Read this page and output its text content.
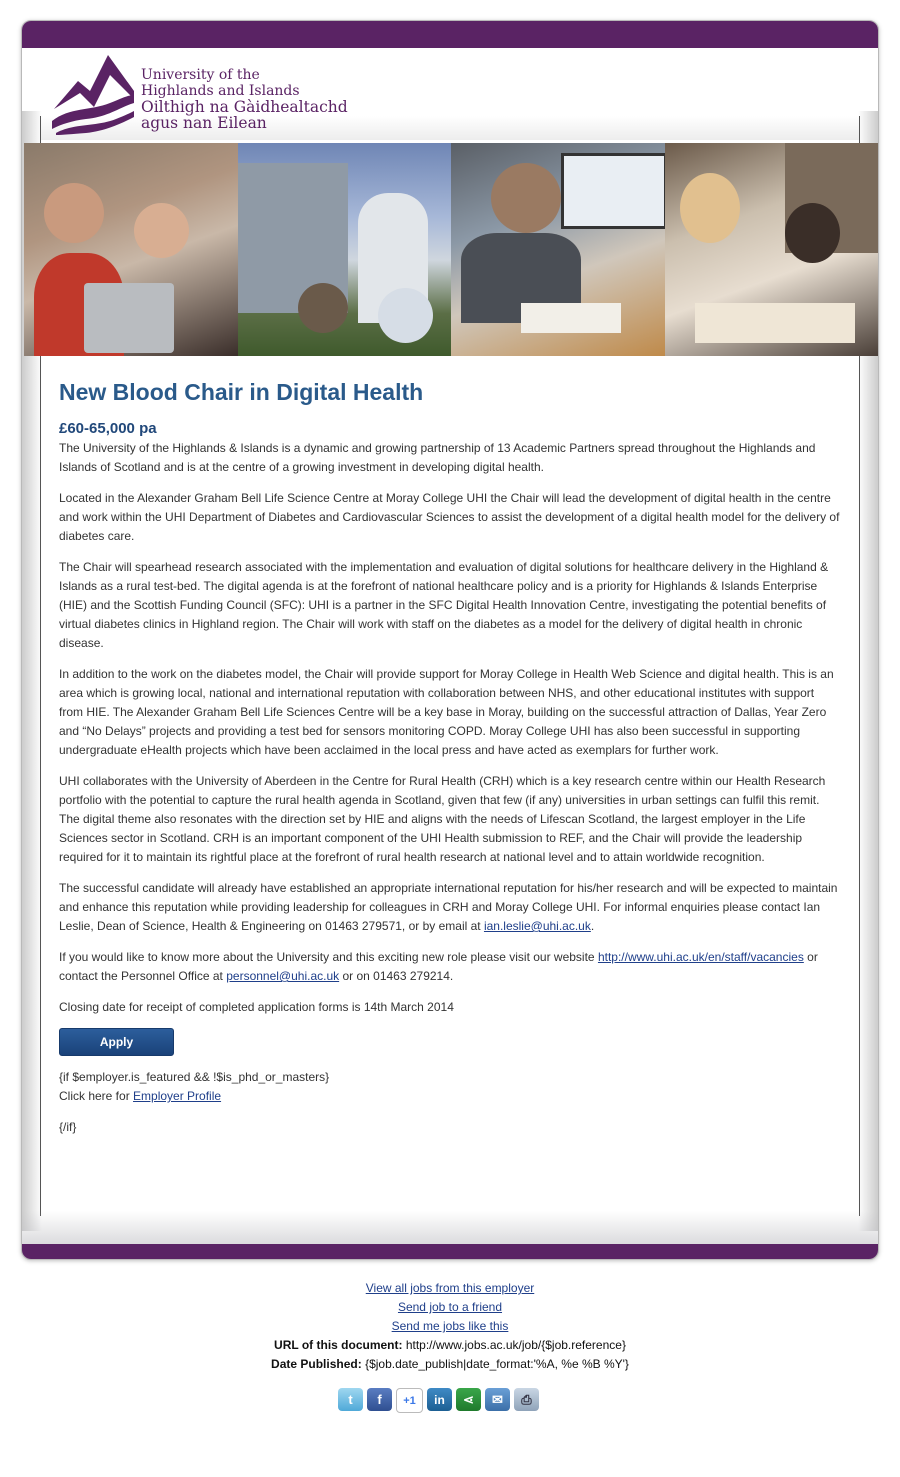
University of the
Highlands and Islands
Oilthigh na Gàidhealtachd
agus nan Eilean
New Blood Chair in Digital Health
£60-65,000 pa

The University of the Highlands & Islands is a dynamic and growing partnership of 13 Academic Partners spread throughout the Highlands and Islands of Scotland and is at the centre of a growing investment in developing digital health.

Located in the Alexander Graham Bell Life Science Centre at Moray College UHI the Chair will lead the development of digital health in the centre and work within the UHI Department of Diabetes and Cardiovascular Sciences to assist the development of a digital health model for the delivery of diabetes care.

The Chair will spearhead research associated with the implementation and evaluation of digital solutions for healthcare delivery in the Highland & Islands as a rural test-bed. The digital agenda is at the forefront of national healthcare policy and is a priority for Highlands & Islands Enterprise (HIE) and the Scottish Funding Council (SFC): UHI is a partner in the SFC Digital Health Innovation Centre, investigating the potential benefits of virtual diabetes clinics in Highland region. The Chair will work with staff on the diabetes as a model for the delivery of digital health in chronic disease.

In addition to the work on the diabetes model, the Chair will provide support for Moray College in Health Web Science and digital health. This is an area which is growing local, national and international reputation with collaboration between NHS, and other educational institutes with support from HIE. The Alexander Graham Bell Life Sciences Centre will be a key base in Moray, building on the successful attraction of Dallas, Year Zero and “No Delays” projects and providing a test bed for sensors monitoring COPD. Moray College UHI has also been successful in supporting undergraduate eHealth projects which have been acclaimed in the local press and have acted as exemplars for further work.

UHI collaborates with the University of Aberdeen in the Centre for Rural Health (CRH) which is a key research centre within our Health Research portfolio with the potential to capture the rural health agenda in Scotland, given that few (if any) universities in urban settings can fulfil this remit. The digital theme also resonates with the direction set by HIE and aligns with the needs of Lifescan Scotland, the largest employer in the Life Sciences sector in Scotland. CRH is an important component of the UHI Health submission to REF, and the Chair will provide the leadership required for it to maintain its rightful place at the forefront of rural health research at national level and to attain worldwide recognition.

The successful candidate will already have established an appropriate international reputation for his/her research and will be expected to maintain and enhance this reputation while providing leadership for colleagues in CRH and Moray College UHI. For informal enquiries please contact Ian Leslie, Dean of Science, Health & Engineering on 01463 279571, or by email at ian.leslie@uhi.ac.uk.

If you would like to know more about the University and this exciting new role please visit our website http://www.uhi.ac.uk/en/staff/vacancies or contact the Personnel Office at personnel@uhi.ac.uk or on 01463 279214.

Closing date for receipt of completed application forms is 14th March 2014

Apply
{if $employer.is_featured && !$is_phd_or_masters}
Click here for Employer Profile
{/if}
View all jobs from this employer
Send job to a friend
Send me jobs like this
URL of this document: http://www.jobs.ac.uk/job/{$job.reference}
Date Published: {$job.date_publish|date_format:'%A, %e %B %Y'}
t	f	+1	in	⋖	✉	⎙
